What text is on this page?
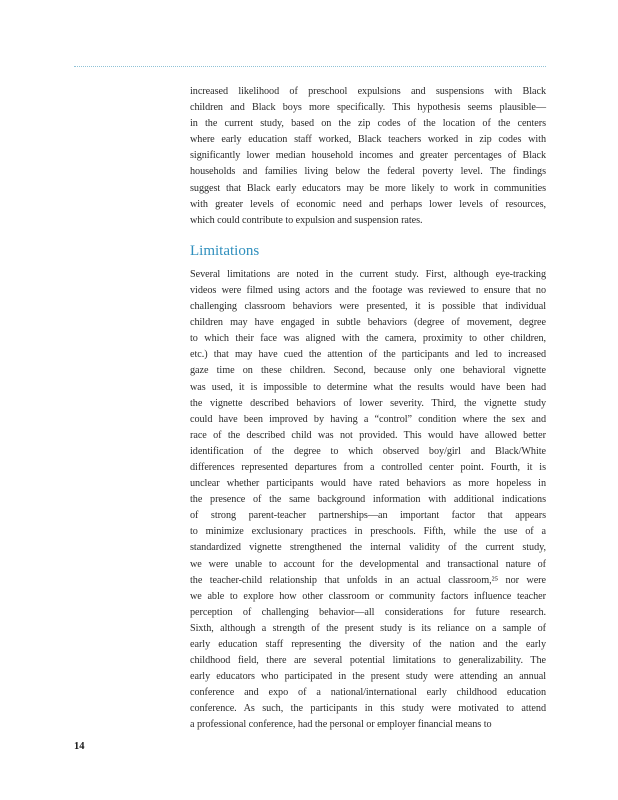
increased likelihood of preschool expulsions and suspensions with Black
children and Black boys more specifically. This hypothesis seems plausible—
in the current study, based on the zip codes of the location of the centers
where early education staff worked, Black teachers worked in zip codes with
significantly lower median household incomes and greater percentages of Black
households and families living below the federal poverty level. The findings
suggest that Black early educators may be more likely to work in communities
with greater levels of economic need and perhaps lower levels of resources,
which could contribute to expulsion and suspension rates.
Limitations
Several limitations are noted in the current study. First, although eye-tracking
videos were filmed using actors and the footage was reviewed to ensure that no
challenging classroom behaviors were presented, it is possible that individual
children may have engaged in subtle behaviors (degree of movement, degree
to which their face was aligned with the camera, proximity to other children,
etc.) that may have cued the attention of the participants and led to increased
gaze time on these children. Second, because only one behavioral vignette
was used, it is impossible to determine what the results would have been had
the vignette described behaviors of lower severity. Third, the vignette study
could have been improved by having a “control” condition where the sex and
race of the described child was not provided. This would have allowed better
identification of the degree to which observed boy/girl and Black/White
differences represented departures from a controlled center point. Fourth, it is
unclear whether participants would have rated behaviors as more hopeless in
the presence of the same background information with additional indications
of strong parent-teacher partnerships—an important factor that appears
to minimize exclusionary practices in preschools. Fifth, while the use of a
standardized vignette strengthened the internal validity of the current study,
we were unable to account for the developmental and transactional nature of
the teacher-child relationship that unfolds in an actual classroom,²⁵ nor were
we able to explore how other classroom or community factors influence teacher
perception of challenging behavior—all considerations for future research.
Sixth, although a strength of the present study is its reliance on a sample of
early education staff representing the diversity of the nation and the early
childhood field, there are several potential limitations to generalizability. The
early educators who participated in the present study were attending an annual
conference and expo of a national/international early childhood education
conference. As such, the participants in this study were motivated to attend
a professional conference, had the personal or employer financial means to
14
